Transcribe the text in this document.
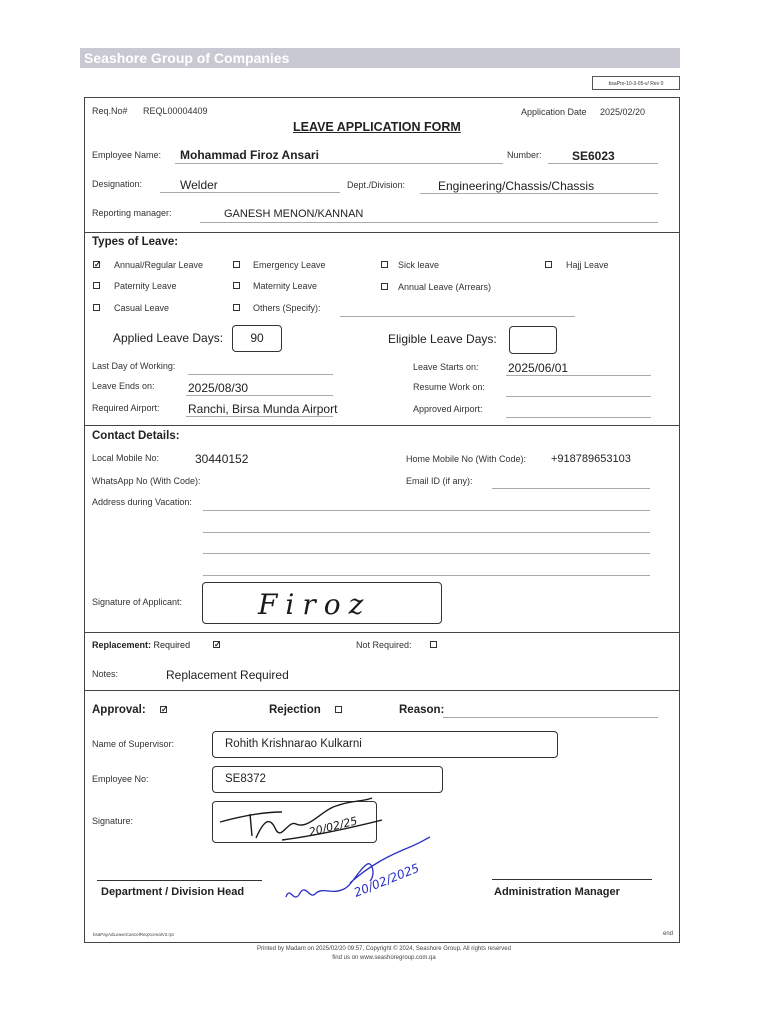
Seashore Group of Companies
bsaPro-10-3-05-v/ Rev 0
Req.No# REQL00004409	Application Date 2025/02/20
LEAVE APPLICATION FORM
Employee Name: Mohammad Firoz Ansari	Number:	SE6023
Designation:	Welder	Dept./Division:	Engineering/Chassis/Chassis
Reporting manager:	GANESH MENON/KANNAN
Types of Leave:
✓ Annual/Regular Leave	Emergency Leave	Sick leave	Hajj Leave
Paternity Leave	Maternity Leave	Annual Leave (Arrears)
Casual Leave	Others (Specify):
Applied Leave Days:	90	Eligible Leave Days:
Last Day of Working:	Leave Starts on: 2025/06/01
Leave Ends on:	2025/08/30	Resume Work on:
Required Airport: Ranchi, Birsa Munda Airport	Approved Airport:
Contact Details:
Local Mobile No:	30440152	Home Mobile No (With Code): +918789653103
WhatsApp No (With Code):	Email ID (if any):
Address during Vacation:
Signature of Applicant:	Firoz
Replacement: Required	✓	Not Required:
Notes:	Replacement Required
Approval: ✓	Rejection	Reason:
Name of Supervisor:	Rohith Krishnarao Kulkarni
Employee No:	SE8372
Signature:	20/02/25
20/02/2025
Department / Division Head	Administration Manager
bsaPayAdLeaveCancelReqXcenalV2.rpt	end
Printed by Madam on 2025/02/20 09:57, Copyright © 2024, Seashore Group, All rights reserved
find us on www.seashoregroup.com.qa
